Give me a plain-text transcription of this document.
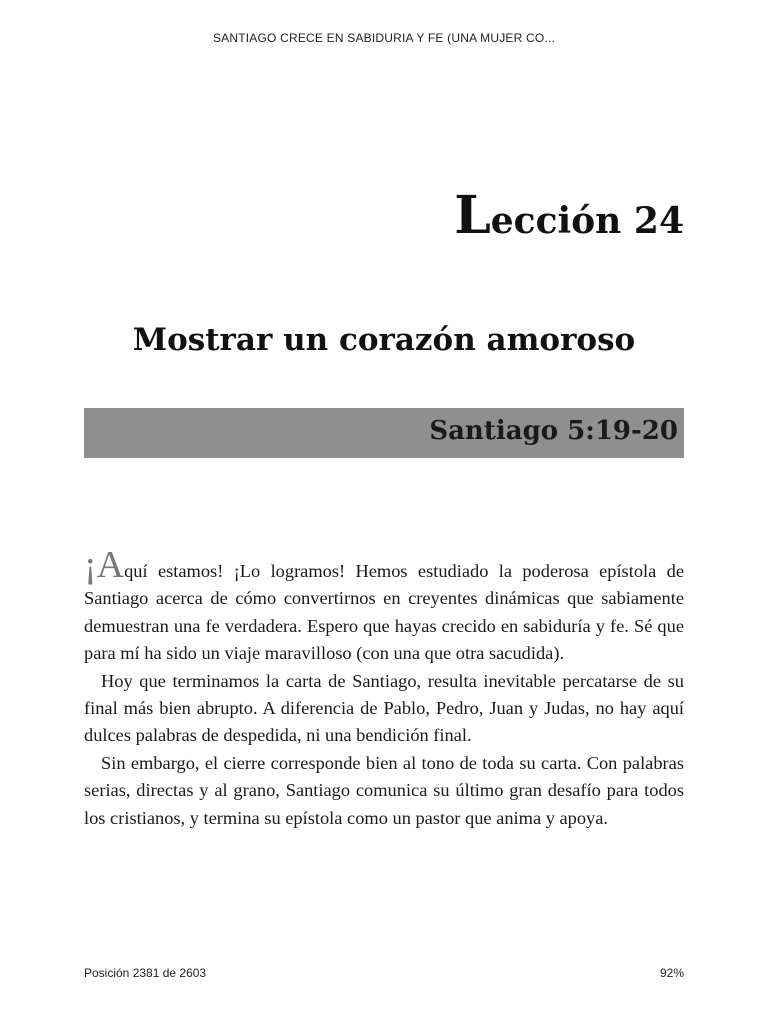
SANTIAGO CRECE EN SABIDURIA Y FE (UNA MUJER CO...
Lección 24
Mostrar un corazón amoroso
Santiago 5:19-20

¡Aquí estamos! ¡Lo logramos! Hemos estudiado la poderosa epístola de Santiago acerca de cómo convertirnos en creyentes dinámicas que sabiamente demuestran una fe verdadera. Espero que hayas crecido en sabiduría y fe. Sé que para mí ha sido un viaje maravilloso (con una que otra sacudida).

Hoy que terminamos la carta de Santiago, resulta inevitable percatarse de su final más bien abrupto. A diferencia de Pablo, Pedro, Juan y Judas, no hay aquí dulces palabras de despedida, ni una bendición final.

Sin embargo, el cierre corresponde bien al tono de toda su carta. Con palabras serias, directas y al grano, Santiago comunica su último gran desafío para todos los cristianos, y termina su epístola como un pastor que anima y apoya.

Posición 2381 de 2603	92%
